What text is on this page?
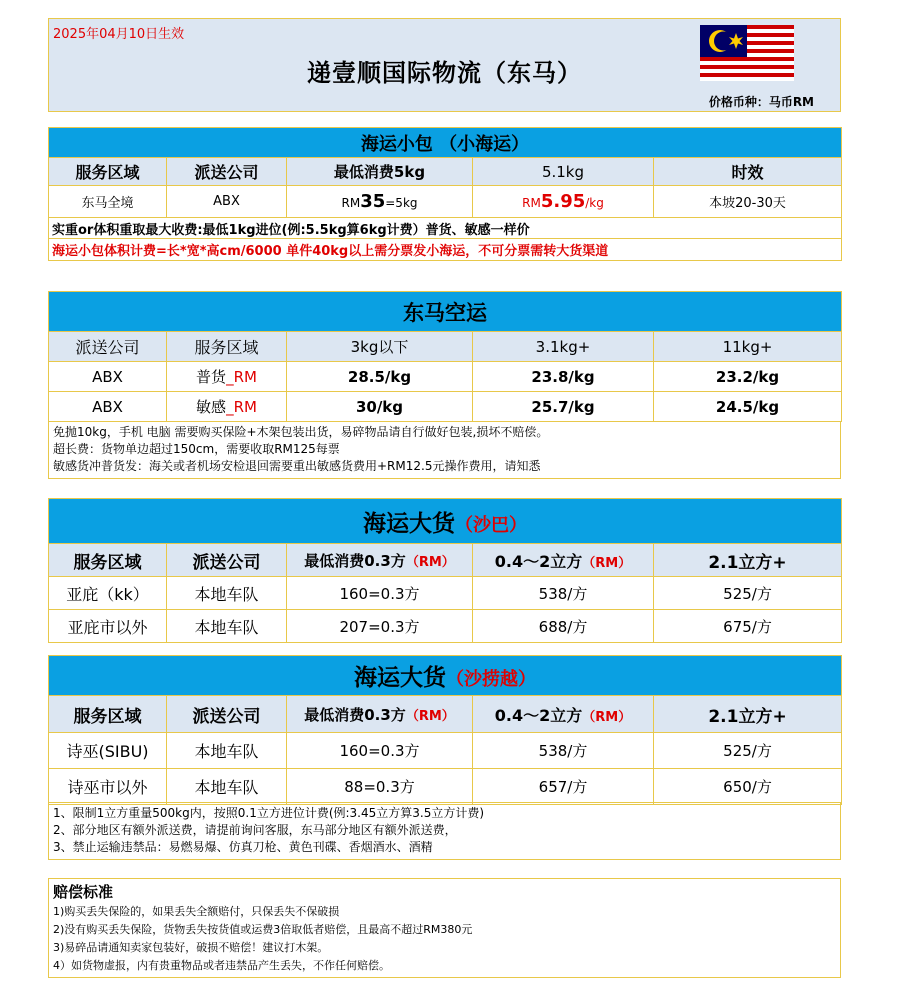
2025年04月10日生效
递壹顺国际物流（东马）
价格币种：马币RM
海运小包 （小海运）				
服务区域	派送公司	最低消费5kg	5.1kg	时效
东马全境	ABX	RM35=5kg	RM5.95/kg	本坡20-30天
实重or体积重取最大收费:最低1kg进位(例:5.5kg算6kg计费）普货、敏感一样价				
海运小包体积计费=长*宽*高cm/6000 单件40kg以上需分票发小海运，不可分票需转大货渠道				
东马空运				
派送公司	服务区域	3kg以下	3.1kg+	11kg+
ABX	普货_RM	28.5/kg	23.8/kg	23.2/kg
ABX	敏感_RM	30/kg	25.7/kg	24.5/kg
免抛10kg，手机 电脑 需要购买保险+木架包装出货，易碎物品请自行做好包装,损坏不赔偿。
超长费：货物单边超过150cm，需要收取RM125每票
敏感货冲普货发：海关或者机场安检退回需要重出敏感货费用+RM12.5元操作费用，请知悉
海运大货（沙巴）				
服务区域	派送公司	最低消费0.3方（RM）	0.4～2立方（RM）	2.1立方+
亚庇（kk）	本地车队	160=0.3方	538/方	525/方
亚庇市以外	本地车队	207=0.3方	688/方	675/方
海运大货（沙捞越）				
服务区域	派送公司	最低消费0.3方（RM）	0.4～2立方（RM）	2.1立方+
诗巫(SIBU)	本地车队	160=0.3方	538/方	525/方
诗巫市以外	本地车队	88=0.3方	657/方	650/方
1、限制1立方重量500kg内，按照0.1立方进位计费(例:3.45立方算3.5立方计费)
2、部分地区有额外派送费，请提前询问客服，东马部分地区有额外派送费，
3、禁止运输违禁品：易燃易爆、仿真刀枪、黄色刊碟、香烟酒水、酒精
赔偿标准
1)购买丢失保险的，如果丢失全额赔付，只保丢失不保破损
2)没有购买丢失保险，货物丢失按货值或运费3倍取低者赔偿，且最高不超过RM380元
3)易碎品请通知卖家包装好，破损不赔偿！建议打木架。
4）如货物虚报，内有贵重物品或者违禁品产生丢失，不作任何赔偿。
